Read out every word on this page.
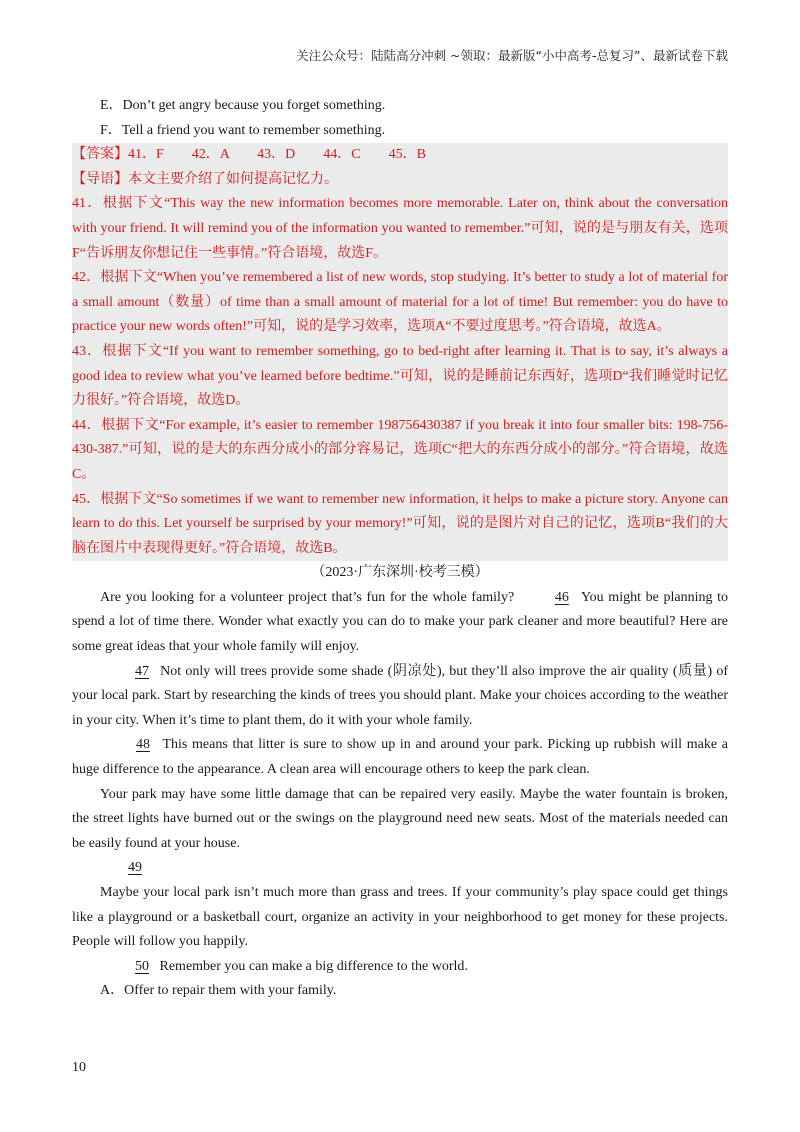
关注公众号：陆陆高分冲刺 ~领取：最新版“小中高考-总复习”、最新试卷下载

E．Don’t get angry because you forget something.

F．Tell a friend you want to remember something.

【答案】41．F　　42．A　　43．D　　44．C　　45．B

【导语】本文主要介绍了如何提高记忆力。

41．根据下文“This way the new information becomes more memorable. Later on, think about the conversation with your friend. It will remind you of the information you wanted to remember.”可知，说的是与朋友有关，选项F“告诉朋友你想记住一些事情。”符合语境，故选F。

42．根据下文“When you’ve remembered a list of new words, stop studying. It’s better to study a lot of material for a small amount（数量）of time than a small amount of material for a lot of time! But remember: you do have to practice your new words often!”可知，说的是学习效率，选项A“不要过度思考。”符合语境，故选A。

43．根据下文“If you want to remember something, go to bed-right after learning it. That is to say, it’s always a good idea to review what you’ve learned before bedtime.”可知，说的是睡前记东西好，选项D“我们睡觉时记忆力很好。”符合语境，故选D。

44．根据下文“For example, it’s easier to remember 198756430387 if you break it into four smaller bits: 198-756-430-387.”可知，说的是大的东西分成小的部分容易记，选项C“把大的东西分成小的部分。”符合语境，故选C。

45．根据下文“So sometimes if we want to remember new information, it helps to make a picture story. Anyone can learn to do this. Let yourself be surprised by your memory!”可知，说的是图片对自己的记忆，选项B“我们的大脑在图片中表现得更好。”符合语境，故选B。

（2023·广东深圳·校考三模）

Are you looking for a volunteer project that’s fun for the whole family?	46 You might be planning to spend a lot of time there. Wonder what exactly you can do to make your park cleaner and more beautiful? Here are some great ideas that your whole family will enjoy.

47 Not only will trees provide some shade (阴凉处), but they’ll also improve the air quality (质量) of your local park. Start by researching the kinds of trees you should plant. Make your choices according to the weather in your city. When it’s time to plant them, do it with your whole family.

48 This means that litter is sure to show up in and around your park. Picking up rubbish will make a huge difference to the appearance. A clean area will encourage others to keep the park clean.

Your park may have some little damage that can be repaired very easily. Maybe the water fountain is broken, the street lights have burned out or the swings on the playground need new seats. Most of the materials needed can be easily found at your house.

49

Maybe your local park isn’t much more than grass and trees. If your community’s play space could get things like a playground or a basketball court, organize an activity in your neighborhood to get money for these projects. People will follow you happily.

50 Remember you can make a big difference to the world.

A．Offer to repair them with your family.

10
